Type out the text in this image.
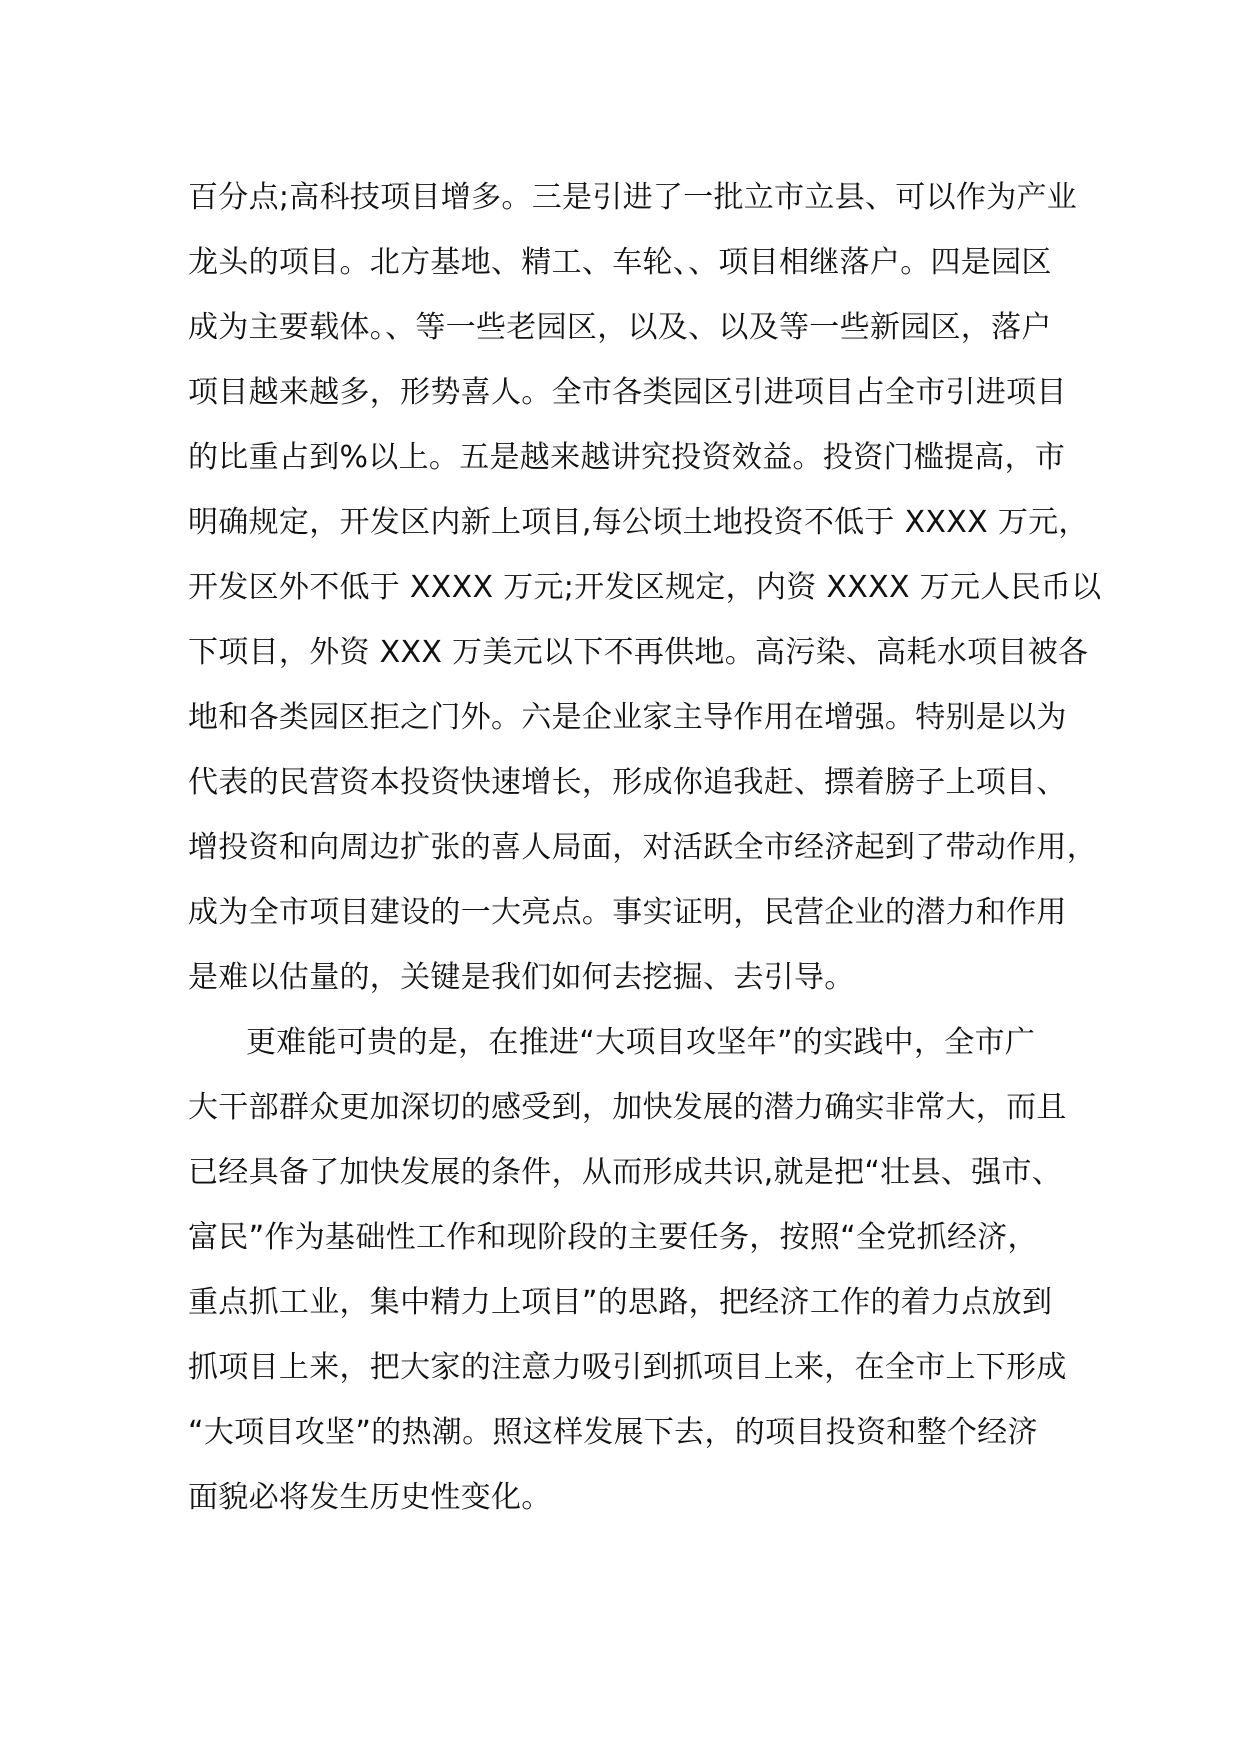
百分点;高科技项目增多。三是引进了一批立市立县、可以作为产业
龙头的项目。北方基地、精工、车轮、、项目相继落户。四是园区
成为主要载体。、等一些老园区，以及、以及等一些新园区，落户
项目越来越多，形势喜人。全市各类园区引进项目占全市引进项目
的比重占到%以上。五是越来越讲究投资效益。投资门槛提高，市
明确规定，开发区内新上项目,每公顷土地投资不低于 XXXX 万元，
开发区外不低于 XXXX 万元;开发区规定，内资 XXXX 万元人民币以
下项目，外资 XXX 万美元以下不再供地。高污染、高耗水项目被各
地和各类园区拒之门外。六是企业家主导作用在增强。特别是以为
代表的民营资本投资快速增长，形成你追我赶、摽着膀子上项目、
增投资和向周边扩张的喜人局面，对活跃全市经济起到了带动作用，
成为全市项目建设的一大亮点。事实证明，民营企业的潜力和作用
是难以估量的，关键是我们如何去挖掘、去引导。
更难能可贵的是，在推进“大项目攻坚年”的实践中，全市广
大干部群众更加深切的感受到，加快发展的潜力确实非常大，而且
已经具备了加快发展的条件，从而形成共识,就是把“壮县、强市、
富民”作为基础性工作和现阶段的主要任务，按照“全党抓经济，
重点抓工业，集中精力上项目”的思路，把经济工作的着力点放到
抓项目上来，把大家的注意力吸引到抓项目上来，在全市上下形成
“大项目攻坚”的热潮。照这样发展下去，的项目投资和整个经济
面貌必将发生历史性变化。
